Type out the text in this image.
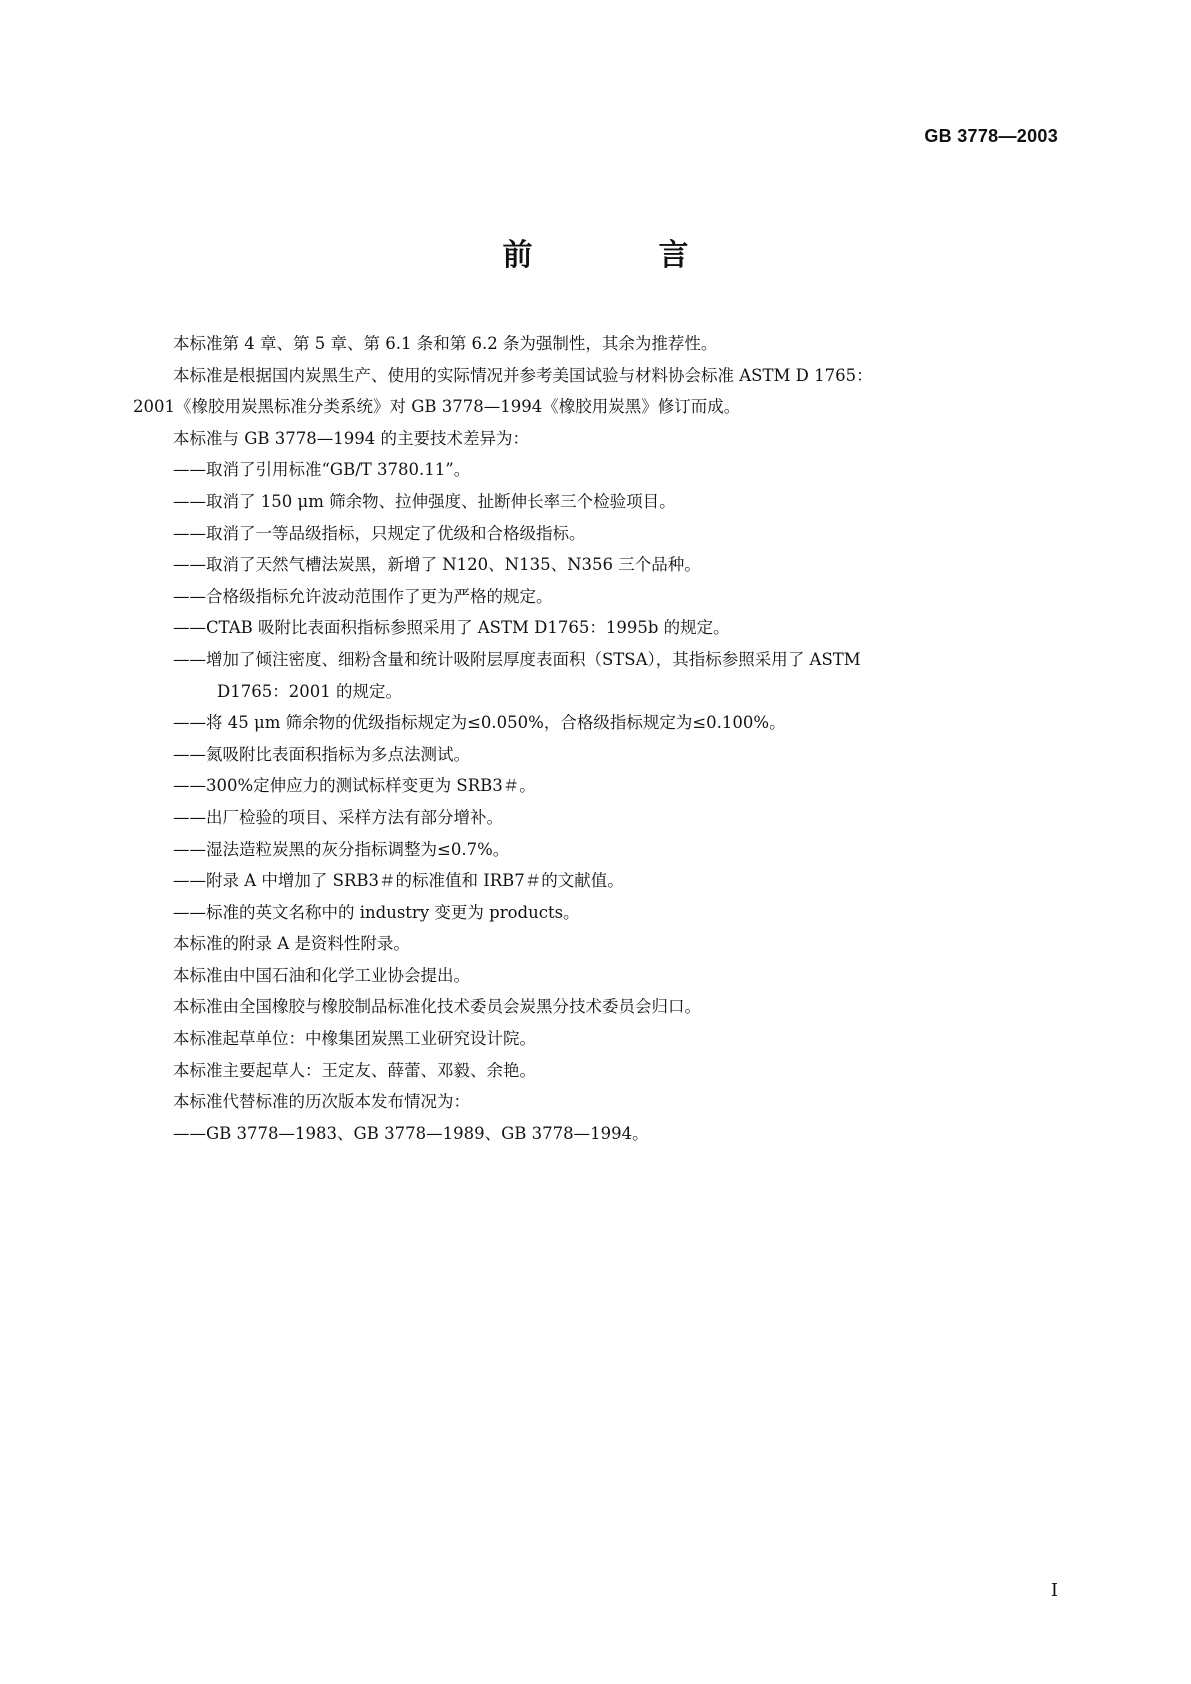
GB 3778—2003
前　言

本标准第 4 章、第 5 章、第 6.1 条和第 6.2 条为强制性，其余为推荐性。

本标准是根据国内炭黑生产、使用的实际情况并参考美国试验与材料协会标准 ASTM D 1765：

2001《橡胶用炭黑标准分类系统》对 GB 3778—1994《橡胶用炭黑》修订而成。

本标准与 GB 3778—1994 的主要技术差异为：

——取消了引用标准“GB/T 3780.11”。

——取消了 150 μm 筛余物、拉伸强度、扯断伸长率三个检验项目。

——取消了一等品级指标，只规定了优级和合格级指标。

——取消了天然气槽法炭黑，新增了 N120、N135、N356 三个品种。

——合格级指标允许波动范围作了更为严格的规定。

——CTAB 吸附比表面积指标参照采用了 ASTM D1765：1995b 的规定。

——增加了倾注密度、细粉含量和统计吸附层厚度表面积（STSA），其指标参照采用了 ASTM

D1765：2001 的规定。

——将 45 μm 筛余物的优级指标规定为≤0.050%，合格级指标规定为≤0.100%。

——氮吸附比表面积指标为多点法测试。

——300%定伸应力的测试标样变更为 SRB3＃。

——出厂检验的项目、采样方法有部分增补。

——湿法造粒炭黑的灰分指标调整为≤0.7%。

——附录 A 中增加了 SRB3＃的标准值和 IRB7＃的文献值。

——标准的英文名称中的 industry 变更为 products。

本标准的附录 A 是资料性附录。

本标准由中国石油和化学工业协会提出。

本标准由全国橡胶与橡胶制品标准化技术委员会炭黑分技术委员会归口。

本标准起草单位：中橡集团炭黑工业研究设计院。

本标准主要起草人：王定友、薛蕾、邓毅、余艳。

本标准代替标准的历次版本发布情况为：

——GB 3778—1983、GB 3778—1989、GB 3778—1994。

I
